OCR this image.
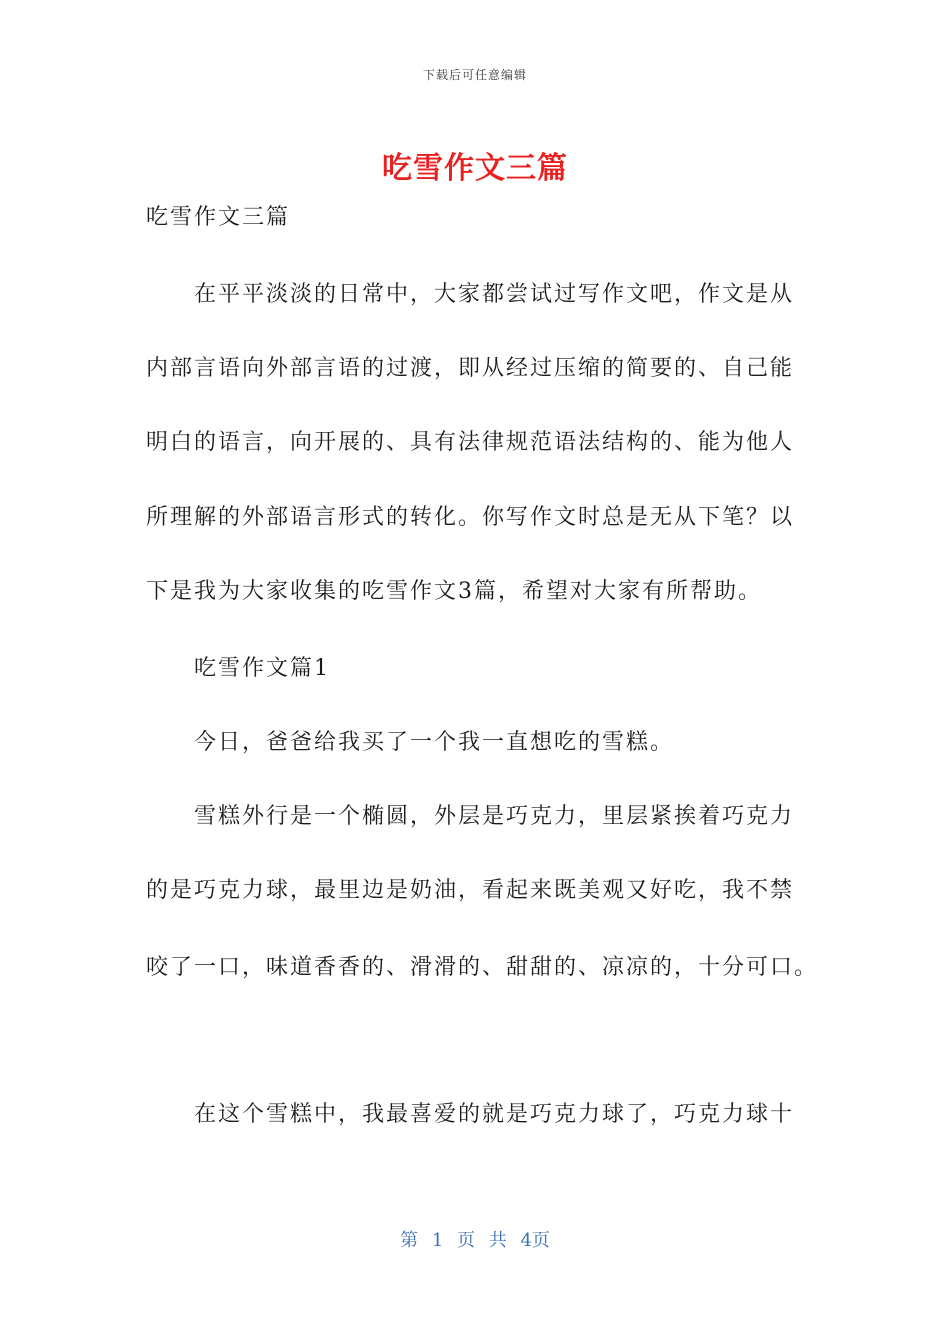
下载后可任意编辑
吃雪作文三篇
吃雪作文三篇
在平平淡淡的日常中，大家都尝试过写作文吧，作文是从
内部言语向外部言语的过渡，即从经过压缩的简要的、自己能
明白的语言，向开展的、具有法律规范语法结构的、能为他人
所理解的外部语言形式的转化。你写作文时总是无从下笔？以
下是我为大家收集的吃雪作文3篇，希望对大家有所帮助。
吃雪作文篇1
今日，爸爸给我买了一个我一直想吃的雪糕。
雪糕外行是一个椭圆，外层是巧克力，里层紧挨着巧克力
的是巧克力球，最里边是奶油，看起来既美观又好吃，我不禁
咬了一口，味道香香的、滑滑的、甜甜的、凉凉的，十分可口。
在这个雪糕中，我最喜爱的就是巧克力球了，巧克力球十
第 1 页 共 4页
